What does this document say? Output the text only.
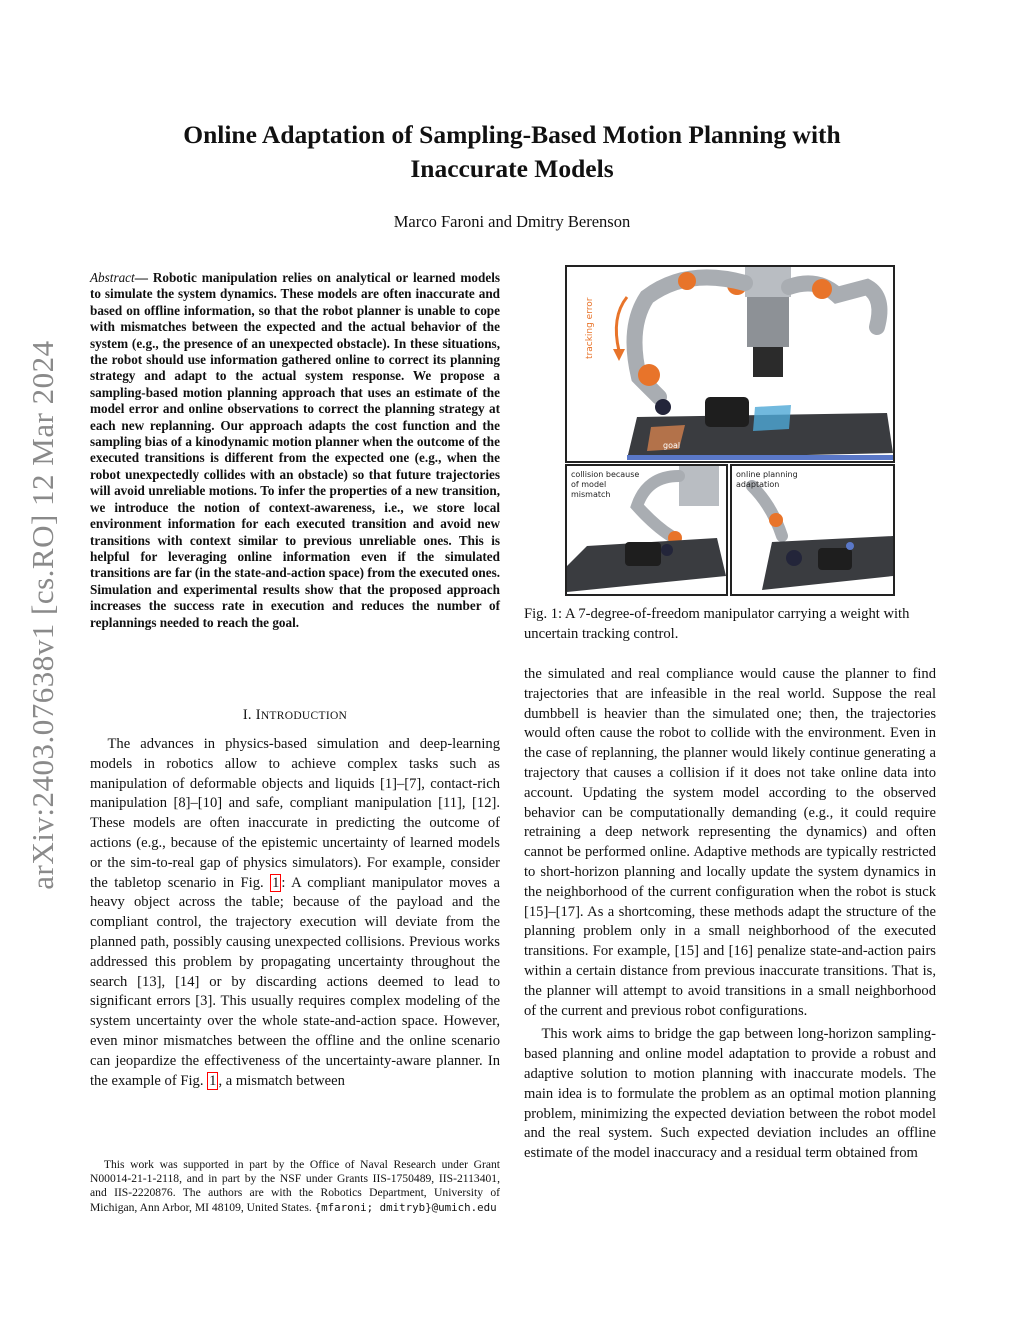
arXiv:2403.07638v1 [cs.RO] 12 Mar 2024
Online Adaptation of Sampling-Based Motion Planning with Inaccurate Models
Marco Faroni and Dmitry Berenson
Abstract— Robotic manipulation relies on analytical or learned models to simulate the system dynamics. These models are often inaccurate and based on offline information, so that the robot planner is unable to cope with mismatches between the expected and the actual behavior of the system (e.g., the presence of an unexpected obstacle). In these situations, the robot should use information gathered online to correct its planning strategy and adapt to the actual system response. We propose a sampling-based motion planning approach that uses an estimate of the model error and online observations to correct the planning strategy at each new replanning. Our approach adapts the cost function and the sampling bias of a kinodynamic motion planner when the outcome of the executed transitions is different from the expected one (e.g., when the robot unexpectedly collides with an obstacle) so that future trajectories will avoid unreliable motions. To infer the properties of a new transition, we introduce the notion of context-awareness, i.e., we store local environment information for each executed transition and avoid new transitions with context similar to previous unreliable ones. This is helpful for leveraging online information even if the simulated transitions are far (in the state-and-action space) from the executed ones. Simulation and experimental results show that the proposed approach increases the success rate in execution and reduces the number of replannings needed to reach the goal.
I. INTRODUCTION
The advances in physics-based simulation and deep-learning models in robotics allow to achieve complex tasks such as manipulation of deformable objects and liquids [1]–[7], contact-rich manipulation [8]–[10] and safe, compliant manipulation [11], [12]. These models are often inaccurate in predicting the outcome of actions (e.g., because of the epistemic uncertainty of learned models or the sim-to-real gap of physics simulators). For example, consider the tabletop scenario in Fig. 1 : A compliant manipulator moves a heavy object across the table; because of the payload and the compliant control, the trajectory execution will deviate from the planned path, possibly causing unexpected collisions. Previous works addressed this problem by propagating uncertainty throughout the search [13], [14] or by discarding actions deemed to lead to significant errors [3]. This usually requires complex modeling of the system uncertainty over the whole state-and-action space. However, even minor mismatches between the offline and the online scenario can jeopardize the effectiveness of the uncertainty-aware planner. In the example of Fig. 1 , a mismatch between
This work was supported in part by the Office of Naval Research under Grant N00014-21-1-2118, and in part by the NSF under Grants IIS-1750489, IIS-2113401, and IIS-2220876. The authors are with the Robotics Department, University of Michigan, Ann Arbor, MI 48109, United States. {mfaroni; dmitryb}@umich.edu
tracking error
goal
collision because of model mismatch
online planning adaptation
Fig. 1: A 7-degree-of-freedom manipulator carrying a weight with uncertain tracking control.

the simulated and real compliance would cause the planner to find trajectories that are infeasible in the real world. Suppose the real dumbbell is heavier than the simulated one; then, the trajectories would often cause the robot to collide with the environment. Even in the case of replanning, the planner would likely continue generating a trajectory that causes a collision if it does not take online data into account. Updating the system model according to the observed behavior can be computationally demanding (e.g., it could require retraining a deep network representing the dynamics) and often cannot be performed online. Adaptive methods are typically restricted to short-horizon planning and locally update the system dynamics in the neighborhood of the current configuration when the robot is stuck [15]–[17]. As a shortcoming, these methods adapt the structure of the planning problem only in a small neighborhood of the executed transitions. For example, [15] and [16] penalize state-and-action pairs within a certain distance from previous inaccurate transitions. That is, the planner will attempt to avoid transitions in a small neighborhood of the current and previous robot configurations.

This work aims to bridge the gap between long-horizon sampling-based planning and online model adaptation to provide a robust and adaptive solution to motion planning with inaccurate models. The main idea is to formulate the problem as an optimal motion planning problem, minimizing the expected deviation between the robot model and the real system. Such expected deviation includes an offline estimate of the model inaccuracy and a residual term obtained from
